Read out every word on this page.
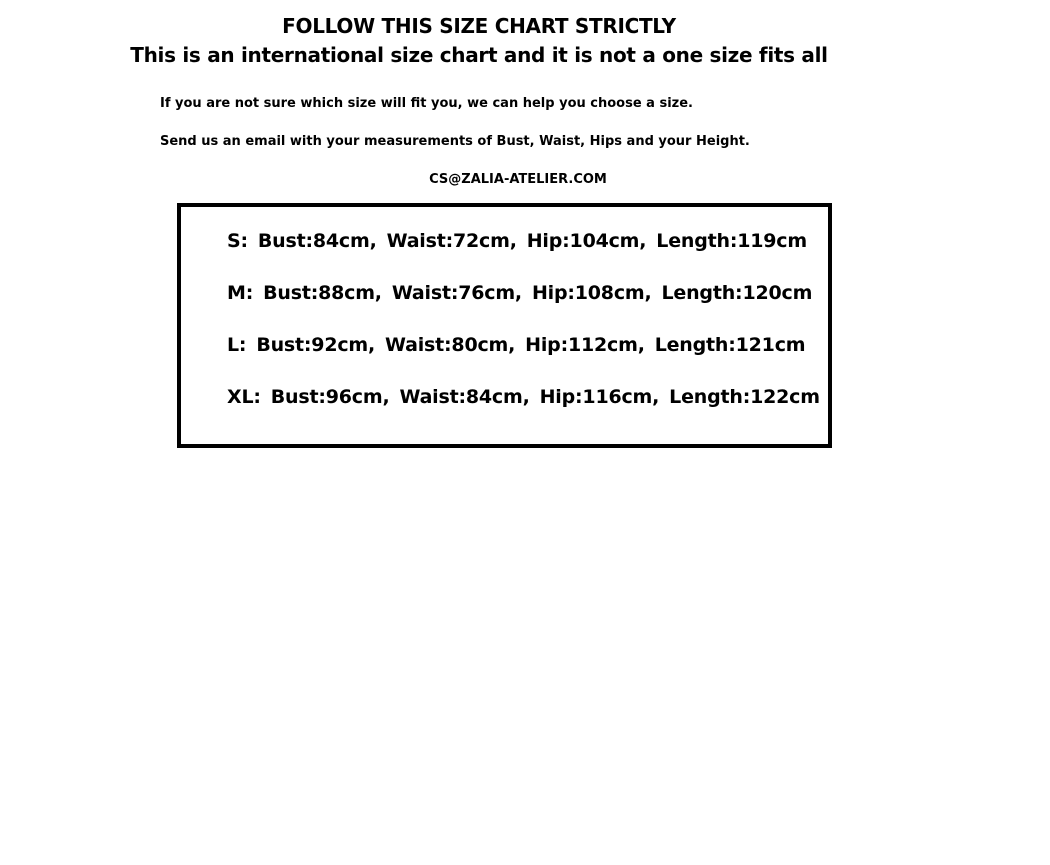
FOLLOW THIS SIZE CHART STRICTLY
This is an international size chart and it is not a one size fits all
If you are not sure which size will fit you, we can help you choose a size.
Send us an email with your measurements of Bust, Waist, Hips and your Height.
CS@ZALIA-ATELIER.COM
S: Bust:84cm, Waist:72cm, Hip:104cm, Length:119cm
M: Bust:88cm, Waist:76cm, Hip:108cm, Length:120cm
L: Bust:92cm, Waist:80cm, Hip:112cm, Length:121cm
XL: Bust:96cm, Waist:84cm, Hip:116cm, Length:122cm
